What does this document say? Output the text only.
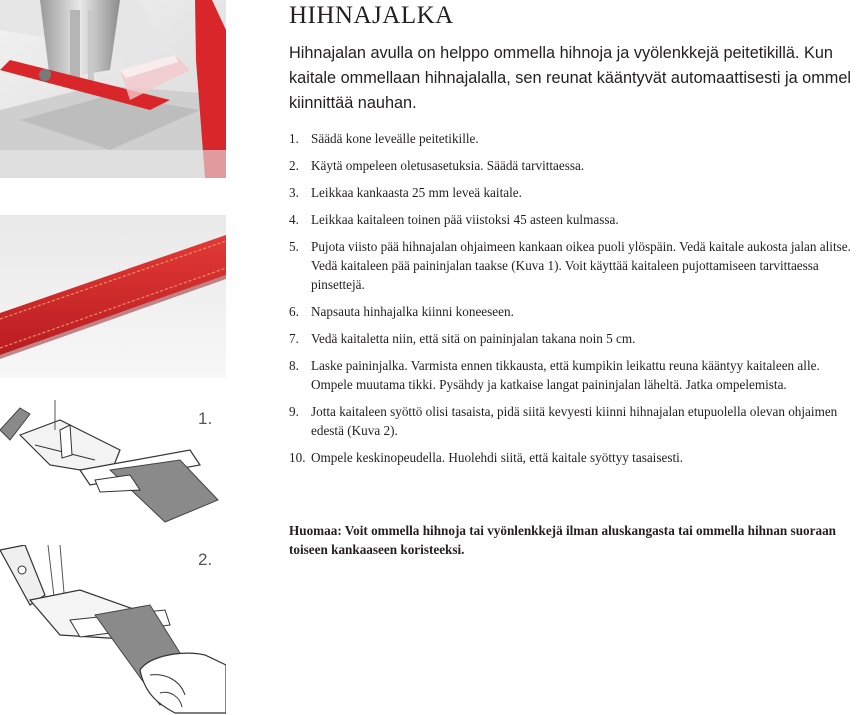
1.
2.
HIHNAJALKA

Hihnajalan avulla on helppo ommella hihnoja ja vyölenkkejä peitetikillä. Kun kaitale ommellaan hihnajalalla, sen reunat kääntyvät automaattisesti ja ommel kiinnittää nauhan.

1. Säädä kone leveälle peitetikille.
2. Käytä ompeleen oletusasetuksia. Säädä tarvittaessa.
3. Leikkaa kankaasta 25 mm leveä kaitale.
4. Leikkaa kaitaleen toinen pää viistoksi 45 asteen kulmassa.
5. Pujota viisto pää hihnajalan ohjaimeen kankaan oikea puoli ylöspäin. Vedä kaitale aukosta jalan alitse. Vedä kaitaleen pää paininjalan taakse (Kuva 1). Voit käyttää kaitaleen pujottamiseen tarvittaessa pinsettejä.
6. Napsauta hinhajalka kiinni koneeseen.
7. Vedä kaitaletta niin, että sitä on paininjalan takana noin 5 cm.
8. Laske paininjalka. Varmista ennen tikkausta, että kumpikin leikattu reuna kääntyy kaitaleen alle. Ompele muutama tikki. Pysähdy ja katkaise langat paininjalan läheltä. Jatka ompelemista.
9. Jotta kaitaleen syöttö olisi tasaista, pidä siitä kevyesti kiinni hihnajalan etupuolella olevan ohjaimen edestä (Kuva 2).
10. Ompele keskinopeudella. Huolehdi siitä, että kaitale syöttyy tasaisesti.

Huomaa: Voit ommella hihnoja tai vyönlenkkejä ilman aluskangasta tai ommella hihnan suoraan toiseen kankaaseen koristeeksi.
